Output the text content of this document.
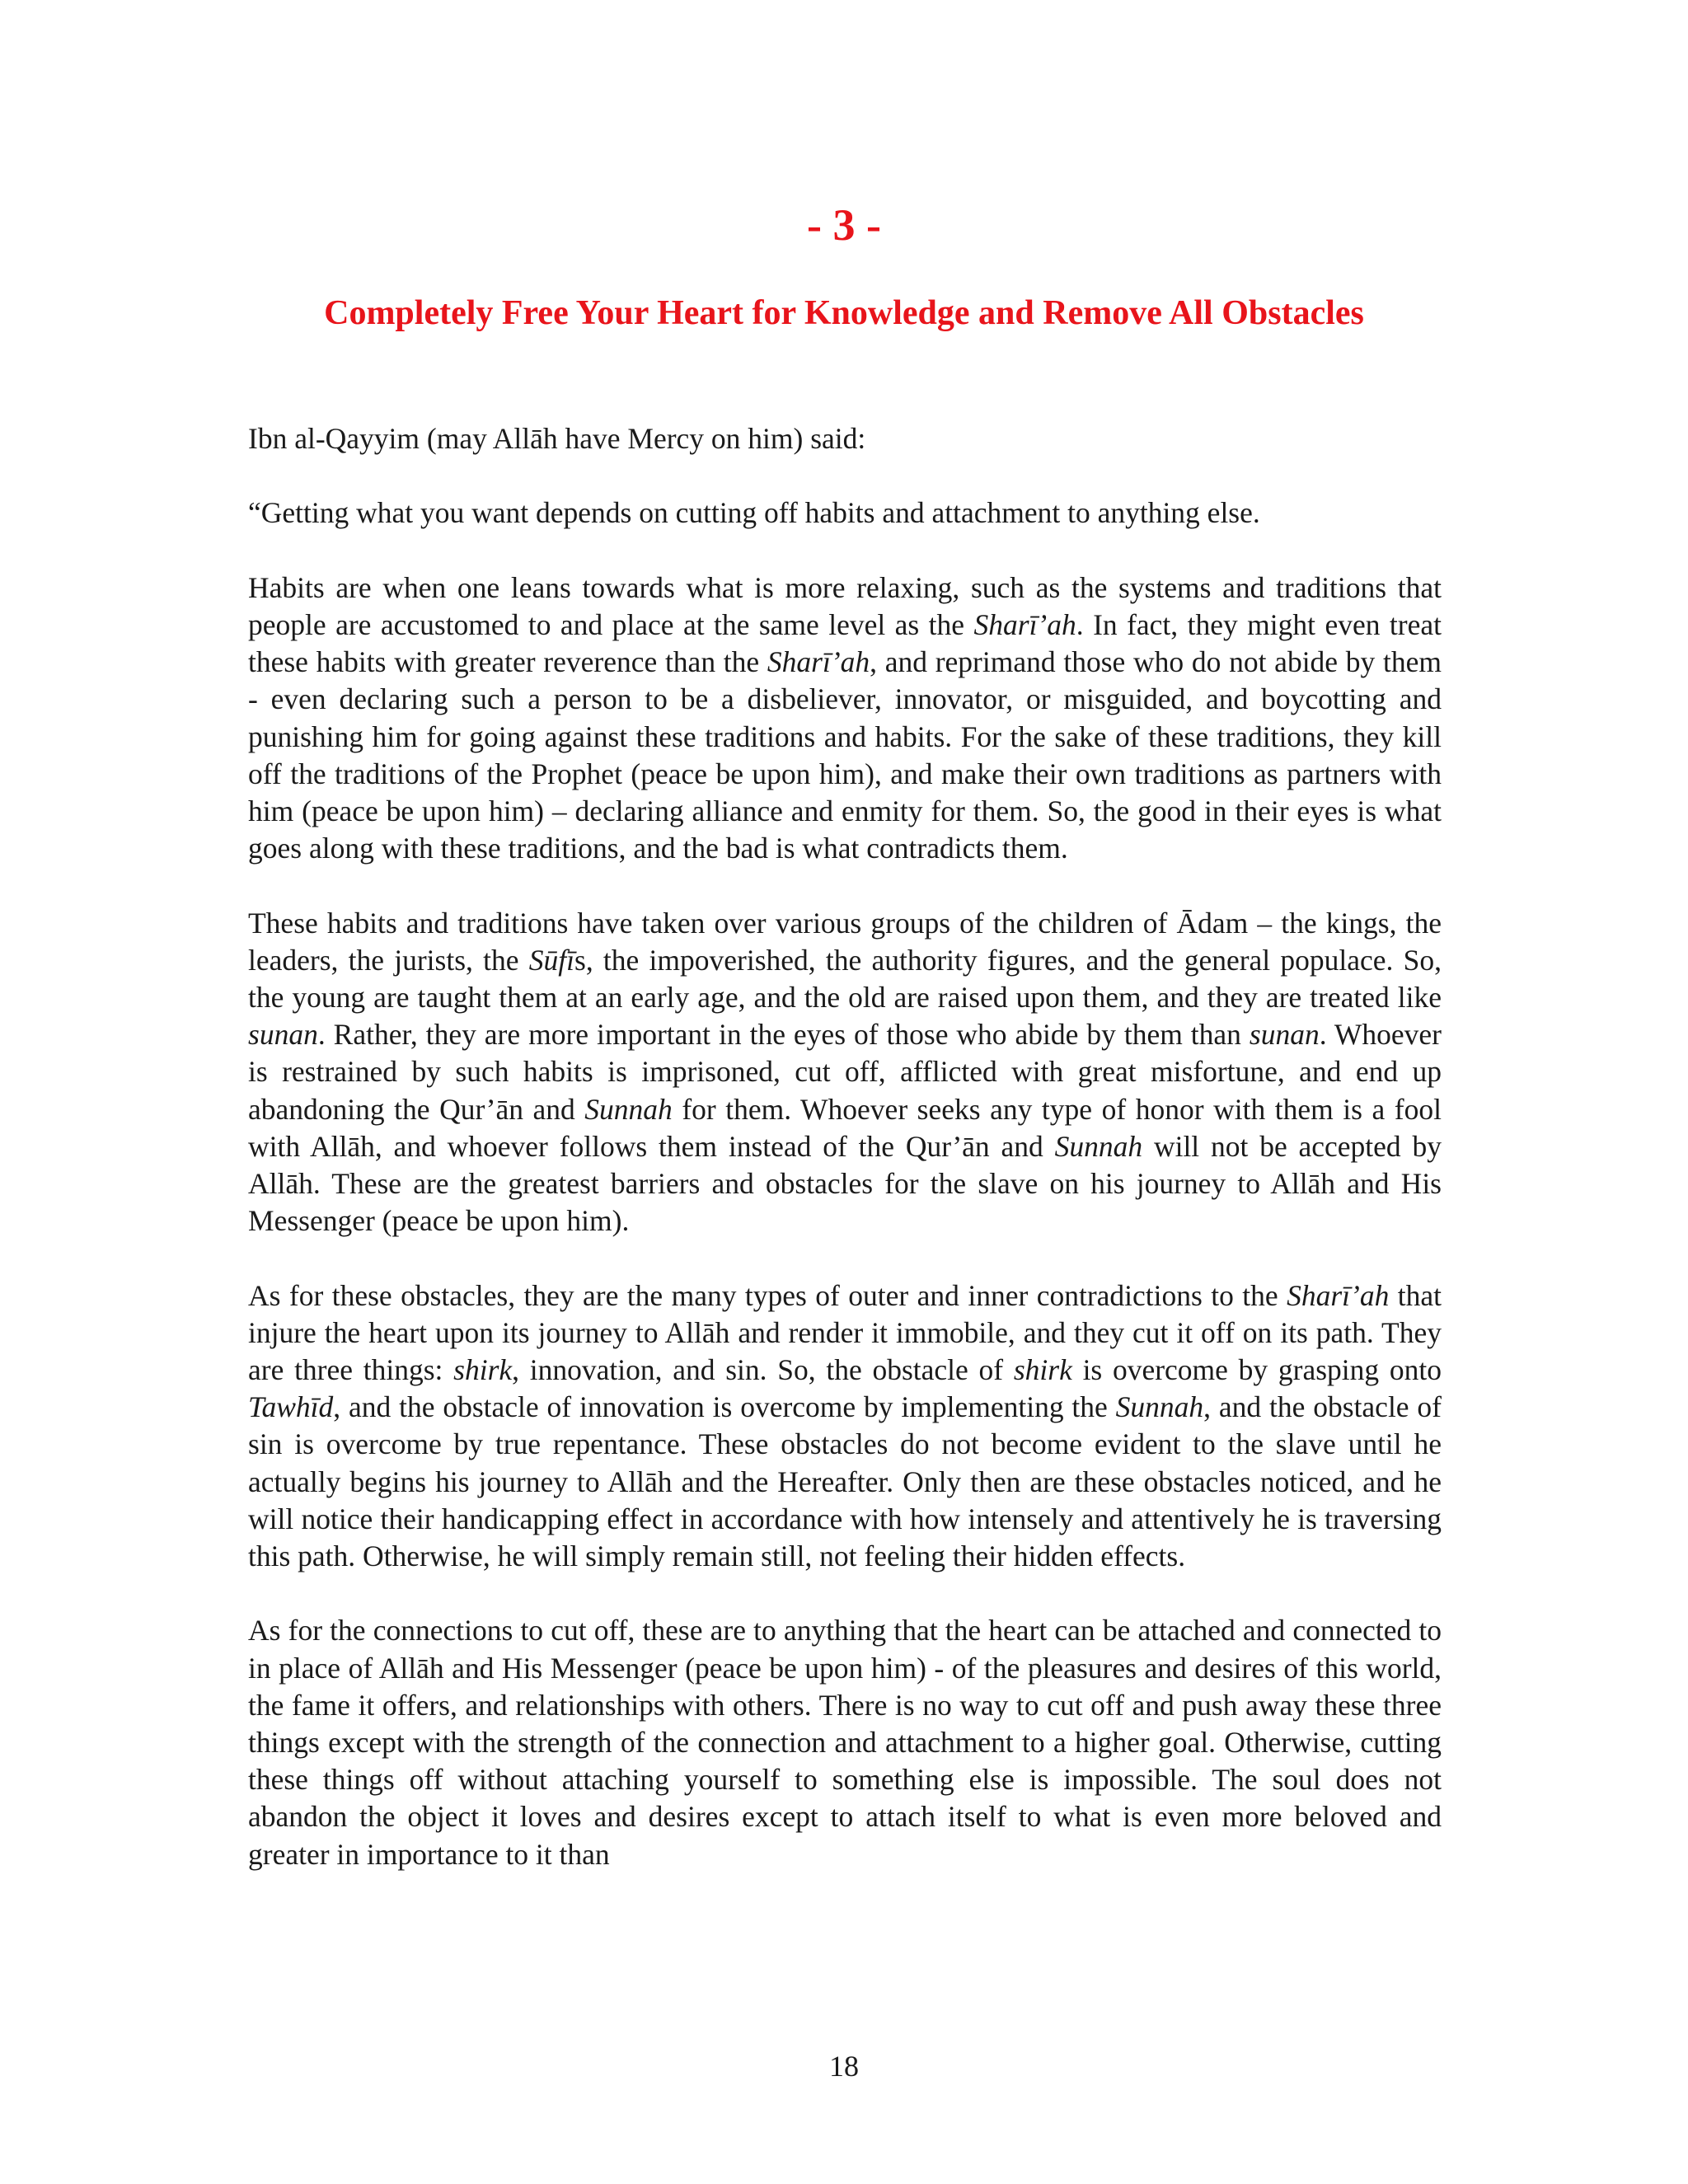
- 3 -
Completely Free Your Heart for Knowledge and Remove All Obstacles

Ibn al-Qayyim (may Allāh have Mercy on him) said:

“Getting what you want depends on cutting off habits and attachment to anything else.

Habits are when one leans towards what is more relaxing, such as the systems and traditions that people are accustomed to and place at the same level as the Sharī’ah. In fact, they might even treat these habits with greater reverence than the Sharī’ah, and reprimand those who do not abide by them - even declaring such a person to be a disbeliever, innovator, or misguided, and boycotting and punishing him for going against these traditions and habits. For the sake of these traditions, they kill off the traditions of the Prophet (peace be upon him), and make their own traditions as partners with him (peace be upon him) – declaring alliance and enmity for them. So, the good in their eyes is what goes along with these traditions, and the bad is what contradicts them.

These habits and traditions have taken over various groups of the children of Ādam – the kings, the leaders, the jurists, the Sūfīs, the impoverished, the authority figures, and the general populace. So, the young are taught them at an early age, and the old are raised upon them, and they are treated like sunan. Rather, they are more important in the eyes of those who abide by them than sunan. Whoever is restrained by such habits is imprisoned, cut off, afflicted with great misfortune, and end up abandoning the Qur’ān and Sunnah for them. Whoever seeks any type of honor with them is a fool with Allāh, and whoever follows them instead of the Qur’ān and Sunnah will not be accepted by Allāh. These are the greatest barriers and obstacles for the slave on his journey to Allāh and His Messenger (peace be upon him).

As for these obstacles, they are the many types of outer and inner contradictions to the Sharī’ah that injure the heart upon its journey to Allāh and render it immobile, and they cut it off on its path. They are three things: shirk, innovation, and sin. So, the obstacle of shirk is overcome by grasping onto Tawhīd, and the obstacle of innovation is overcome by implementing the Sunnah, and the obstacle of sin is overcome by true repentance. These obstacles do not become evident to the slave until he actually begins his journey to Allāh and the Hereafter. Only then are these obstacles noticed, and he will notice their handicapping effect in accordance with how intensely and attentively he is traversing this path. Otherwise, he will simply remain still, not feeling their hidden effects.

As for the connections to cut off, these are to anything that the heart can be attached and connected to in place of Allāh and His Messenger (peace be upon him) - of the pleasures and desires of this world, the fame it offers, and relationships with others. There is no way to cut off and push away these three things except with the strength of the connection and attachment to a higher goal. Otherwise, cutting these things off without attaching yourself to something else is impossible. The soul does not abandon the object it loves and desires except to attach itself to what is even more beloved and greater in importance to it than

18
